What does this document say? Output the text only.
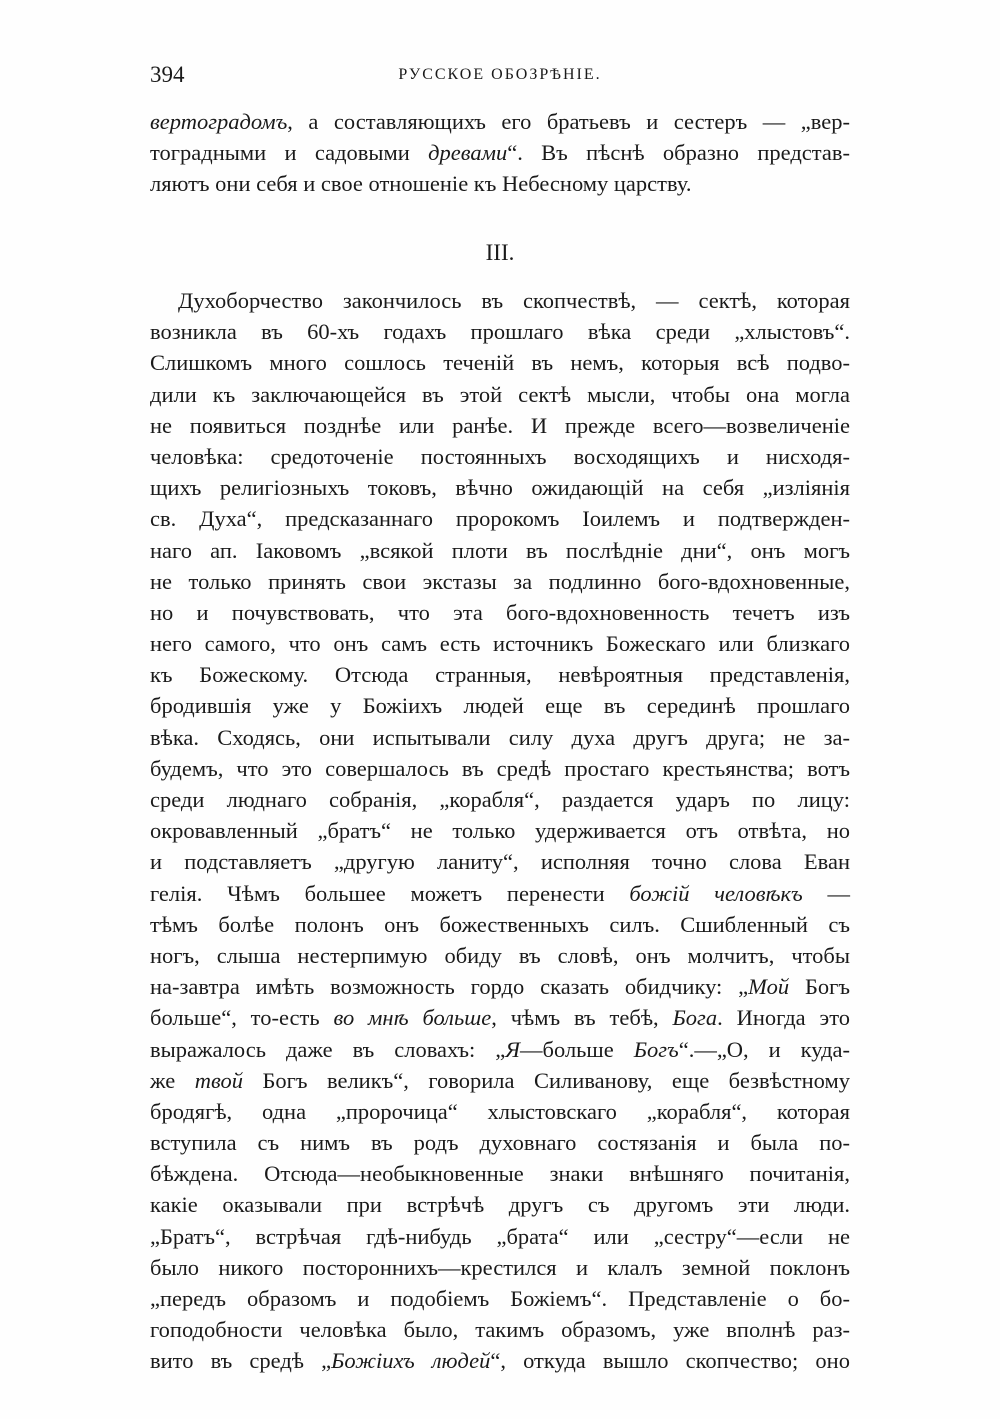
394	РУССКОЕ ОБОЗРѢНІЕ.
вертоградомъ, а составляющихъ его братьевъ и сестеръ — „вер-
тоградными и садовыми древами“. Въ пѣснѣ образно представ-
ляютъ они себя и свое отношеніе къ Небесному царству.
III.
Духоборчество закончилось въ скопчествѣ, — сектѣ, которая
возникла въ 60-хъ годахъ прошлаго вѣка среди „хлыстовъ“.
Слишкомъ много сошлось теченій въ немъ, которыя всѣ подво-
дили къ заключающейся въ этой сектѣ мысли, чтобы она могла
не появиться позднѣе или ранѣе. И прежде всего—возвеличеніе
человѣка: средоточеніе постоянныхъ восходящихъ и нисходя-
щихъ религіозныхъ токовъ, вѣчно ожидающій на себя „изліянія
св. Духа“, предсказаннаго пророкомъ Іоилемъ и подтвержден-
наго ап. Іаковомъ „всякой плоти въ послѣдніе дни“, онъ могъ
не только принять свои экстазы за подлинно бого-вдохновенные,
но и почувствовать, что эта бого-вдохновенность течетъ изъ
него самого, что онъ самъ есть источникъ Божескаго или близкаго
къ Божескому. Отсюда странныя, невѣроятныя представленія,
бродившія уже у Божіихъ людей еще въ серединѣ прошлаго
вѣка. Сходясь, они испытывали силу духа другъ друга; не за-
будемъ, что это совершалось въ средѣ простаго крестьянства; вотъ
среди люднаго собранія, „корабля“, раздается ударъ по лицу:
окровавленный „братъ“ не только удерживается отъ отвѣта, но
и подставляетъ „другую ланиту“, исполняя точно слова Еван
гелія. Чѣмъ большее можетъ перенести божій человѣкъ —
тѣмъ болѣе полонъ онъ божественныхъ силъ. Сшибленный съ
ногъ, слыша нестерпимую обиду въ словѣ, онъ молчитъ, чтобы
на-завтра имѣть возможность гордо сказать обидчику: „Мой Богъ
больше“, то-есть во мнѣ больше, чѣмъ въ тебѣ, Бога. Иногда это
выражалось даже въ словахъ: „Я—больше Богъ“.—„О, и куда-
же твой Богъ великъ“, говорила Силиванову, еще безвѣстному
бродягѣ, одна „пророчица“ хлыстовскаго „корабля“, которая
вступила съ нимъ въ родъ духовнаго состязанія и была по-
бѣждена. Отсюда—необыкновенные знаки внѣшняго почитанія,
какіе оказывали при встрѣчѣ другъ съ другомъ эти люди.
„Братъ“, встрѣчая гдѣ-нибудь „брата“ или „сестру“—если не
было никого постороннихъ—крестился и клалъ земной поклонъ
„передъ образомъ и подобіемъ Божіемъ“. Представленіе о бо-
гоподобности человѣка было, такимъ образомъ, уже вполнѣ раз-
вито въ средѣ „Божіихъ людей“, откуда вышло скопчество; оно
